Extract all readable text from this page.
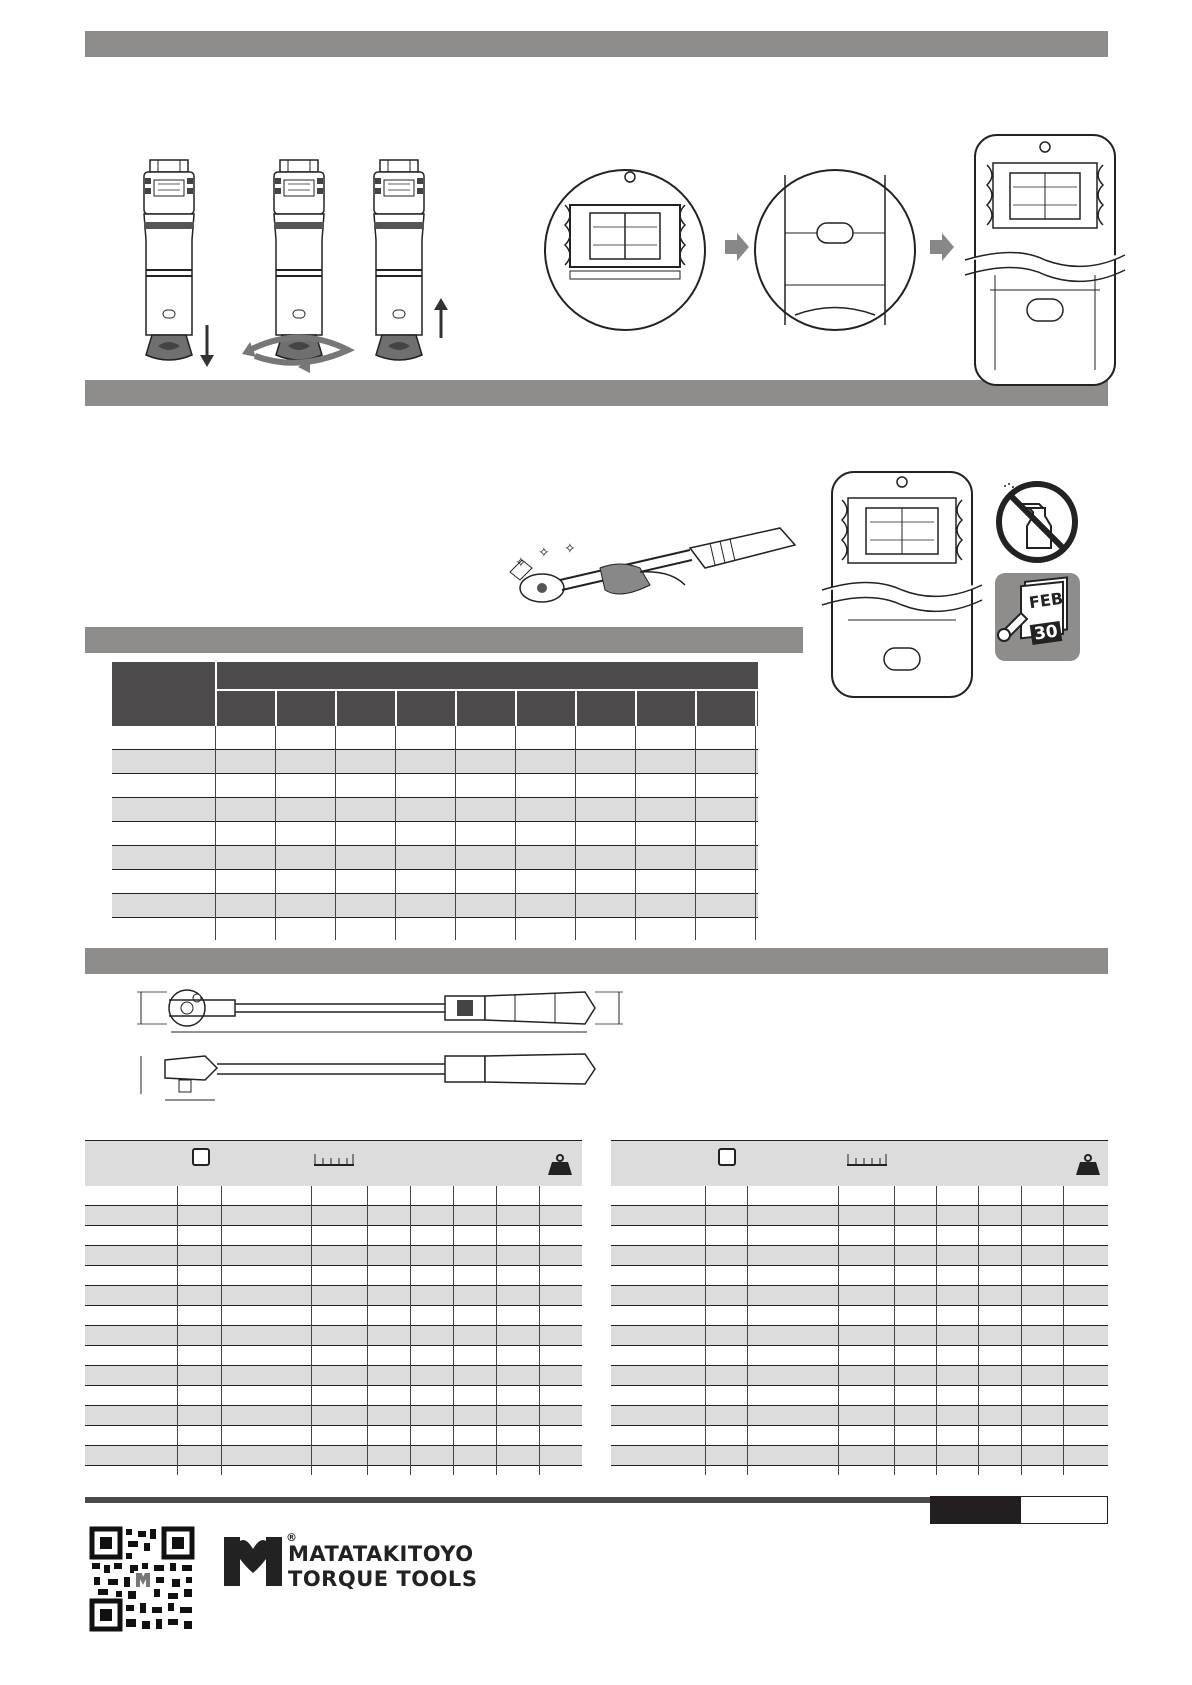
✧
✧ ✧
FEB
30
®
MATATAKITOYO
TORQUE TOOLS
